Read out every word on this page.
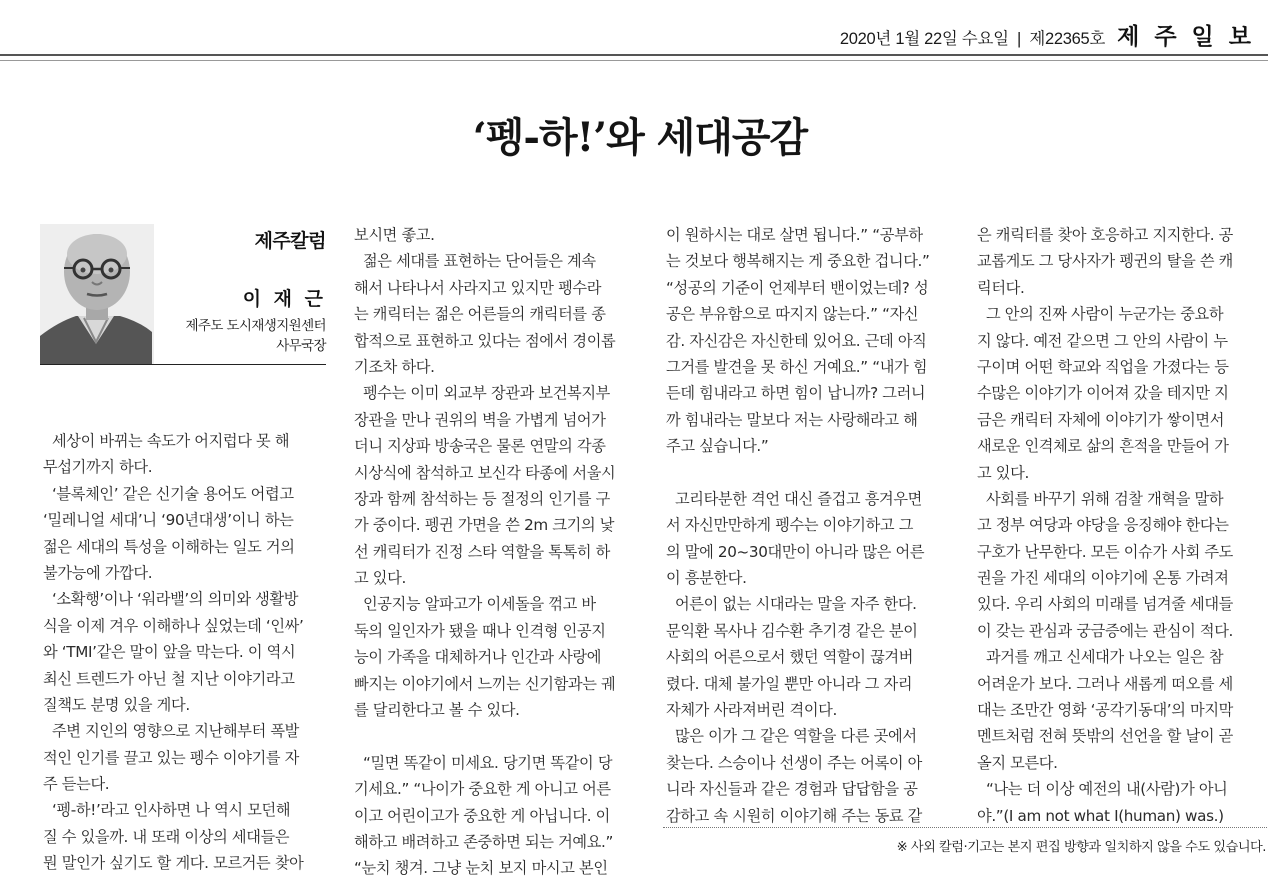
2020년 1월 22일 수요일 | 제22365호 제주일보
‘펭-하!’와 세대공감
제주칼럼
이 재 근
제주도 도시재생지원센터
사무국장
세상이 바뀌는 속도가 어지럽다 못 해
무섭기까지 하다.
‘블록체인’ 같은 신기술 용어도 어렵고
‘밀레니얼 세대’니 ‘90년대생’이니 하는
젊은 세대의 특성을 이해하는 일도 거의
불가능에 가깝다.
‘소확행’이나 ‘워라밸’의 의미와 생활방
식을 이제 겨우 이해하나 싶었는데 ‘인싸’
와 ‘TMI’같은 말이 앞을 막는다. 이 역시
최신 트렌드가 아닌 철 지난 이야기라고
질책도 분명 있을 게다.
주변 지인의 영향으로 지난해부터 폭발
적인 인기를 끌고 있는 펭수 이야기를 자
주 듣는다.
‘펭-하!’라고 인사하면 나 역시 모던해
질 수 있을까. 내 또래 이상의 세대들은
뭔 말인가 싶기도 할 게다. 모르거든 찾아
보시면 좋고.
젊은 세대를 표현하는 단어들은 계속
해서 나타나서 사라지고 있지만 펭수라
는 캐릭터는 젊은 어른들의 캐릭터를 종
합적으로 표현하고 있다는 점에서 경이롭
기조차 하다.
펭수는 이미 외교부 장관과 보건복지부
장관을 만나 권위의 벽을 가볍게 넘어가
더니 지상파 방송국은 물론 연말의 각종
시상식에 참석하고 보신각 타종에 서울시
장과 함께 참석하는 등 절정의 인기를 구
가 중이다. 펭귄 가면을 쓴 2m 크기의 낯
선 캐릭터가 진정 스타 역할을 톡톡히 하
고 있다.
인공지능 알파고가 이세돌을 꺾고 바
둑의 일인자가 됐을 때나 인격형 인공지
능이 가족을 대체하거나 인간과 사랑에
빠지는 이야기에서 느끼는 신기함과는 궤
를 달리한다고 볼 수 있다.
“밀면 똑같이 미세요. 당기면 똑같이 당
기세요.” “나이가 중요한 게 아니고 어른
이고 어린이고가 중요한 게 아닙니다. 이
해하고 배려하고 존중하면 되는 거예요.”
“눈치 챙겨. 그냥 눈치 보지 마시고 본인
이 원하시는 대로 살면 됩니다.” “공부하
는 것보다 행복해지는 게 중요한 겁니다.”
“성공의 기준이 언제부터 밴이었는데? 성
공은 부유함으로 따지지 않는다.” “자신
감. 자신감은 자신한테 있어요. 근데 아직
그거를 발견을 못 하신 거예요.” “내가 힘
든데 힘내라고 하면 힘이 납니까? 그러니
까 힘내라는 말보다 저는 사랑해라고 해
주고 싶습니다.”
고리타분한 격언 대신 즐겁고 흥겨우면
서 자신만만하게 펭수는 이야기하고 그
의 말에 20~30대만이 아니라 많은 어른
이 흥분한다.
어른이 없는 시대라는 말을 자주 한다.
문익환 목사나 김수환 추기경 같은 분이
사회의 어른으로서 했던 역할이 끊겨버
렸다. 대체 불가일 뿐만 아니라 그 자리
자체가 사라져버린 격이다.
많은 이가 그 같은 역할을 다른 곳에서
찾는다. 스승이나 선생이 주는 어록이 아
니라 자신들과 같은 경험과 답답함을 공
감하고 속 시원히 이야기해 주는 동료 같
은 캐릭터를 찾아 호응하고 지지한다. 공
교롭게도 그 당사자가 펭귄의 탈을 쓴 캐
릭터다.
그 안의 진짜 사람이 누군가는 중요하
지 않다. 예전 같으면 그 안의 사람이 누
구이며 어떤 학교와 직업을 가졌다는 등
수많은 이야기가 이어져 갔을 테지만 지
금은 캐릭터 자체에 이야기가 쌓이면서
새로운 인격체로 삶의 흔적을 만들어 가
고 있다.
사회를 바꾸기 위해 검찰 개혁을 말하
고 정부 여당과 야당을 응징해야 한다는
구호가 난무한다. 모든 이슈가 사회 주도
권을 가진 세대의 이야기에 온통 가려져
있다. 우리 사회의 미래를 넘겨줄 세대들
이 갖는 관심과 궁금증에는 관심이 적다.
과거를 깨고 신세대가 나오는 일은 참
어려운가 보다. 그러나 새롭게 떠오를 세
대는 조만간 영화 ‘공각기동대’의 마지막
멘트처럼 전혀 뜻밖의 선언을 할 날이 곧
올지 모른다.
“나는 더 이상 예전의 내(사람)가 아니
야.”(I am not what I(human) was.)
※ 사외 칼럼·기고는 본지 편집 방향과 일치하지 않을 수도 있습니다.
